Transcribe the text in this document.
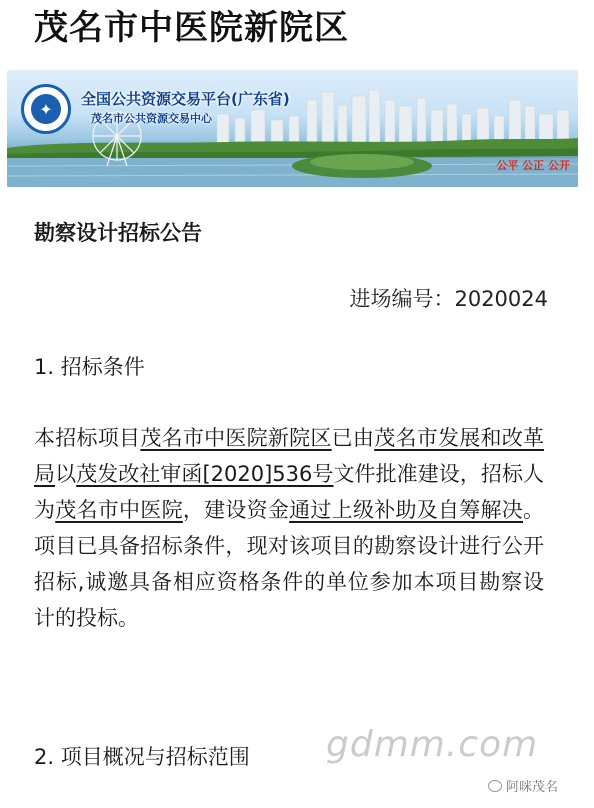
茂名市中医院新院区
✦
全国公共资源交易平台(广东省)
茂名市公共资源交易中心
公平 公正 公开
勘察设计招标公告
进场编号：2020024
1. 招标条件

本招标项目茂名市中医院新院区已由茂名市发展和改革局以茂发改社审函[2020]536号文件批准建设，招标人为茂名市中医院，建设资金通过上级补助及自筹解决。项目已具备招标条件，现对该项目的勘察设计进行公开招标,诚邀具备相应资格条件的单位参加本项目勘察设计的投标。

2. 项目概况与招标范围 gdmm.com
阿咪茂名
